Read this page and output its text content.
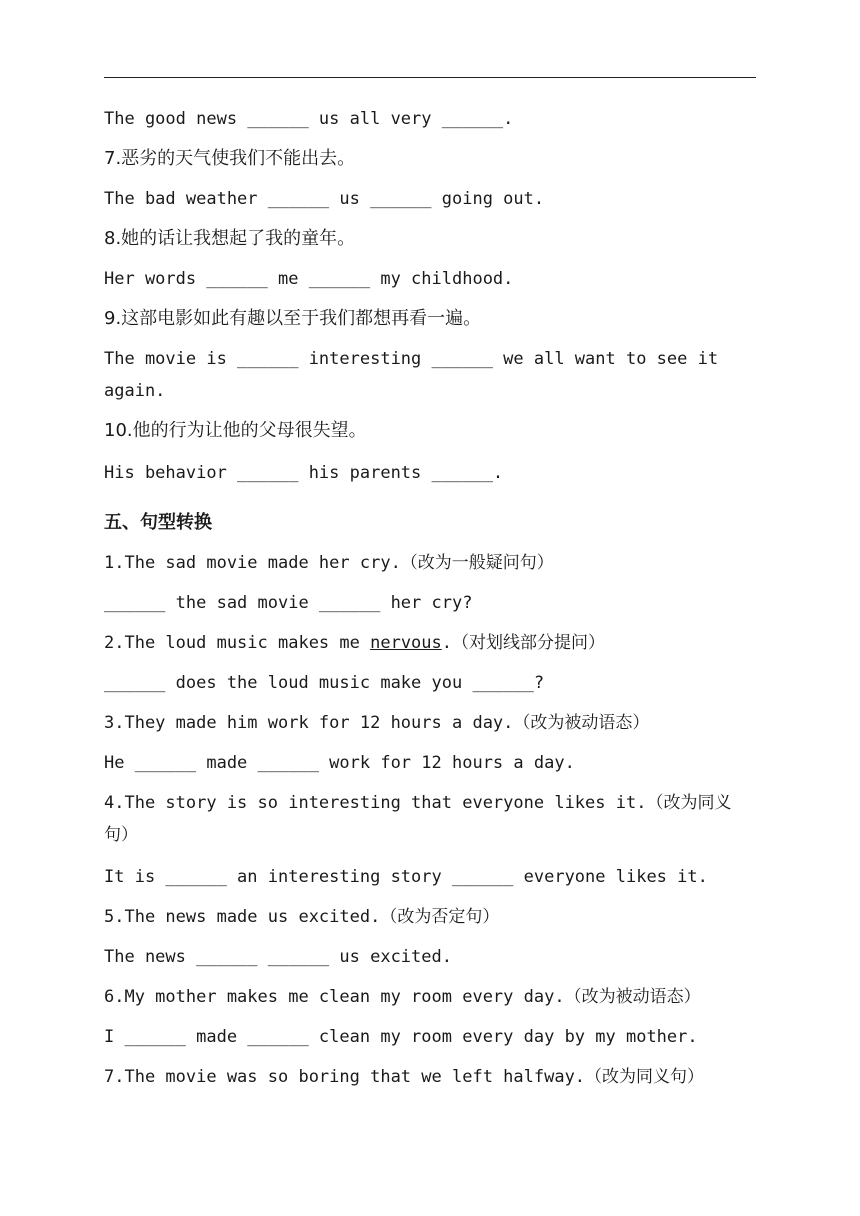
The good news ______ us all very ______.
7.恶劣的天气使我们不能出去。
The bad weather ______ us ______ going out.
8.她的话让我想起了我的童年。
Her words ______ me ______ my childhood.
9.这部电影如此有趣以至于我们都想再看一遍。
The movie is ______ interesting ______ we all want to see it
again.
10.他的行为让他的父母很失望。
His behavior ______ his parents ______.
五、句型转换
1.The sad movie made her cry.（改为一般疑问句）
______ the sad movie ______ her cry?
2.The loud music makes me nervous.（对划线部分提问）
______ does the loud music make you ______?
3.They made him work for 12 hours a day.（改为被动语态）
He ______ made ______ work for 12 hours a day.
4.The story is so interesting that everyone likes it.（改为同义
句）
It is ______ an interesting story ______ everyone likes it.
5.The news made us excited.（改为否定句）
The news ______ ______ us excited.
6.My mother makes me clean my room every day.（改为被动语态）
I ______ made ______ clean my room every day by my mother.
7.The movie was so boring that we left halfway.（改为同义句）
